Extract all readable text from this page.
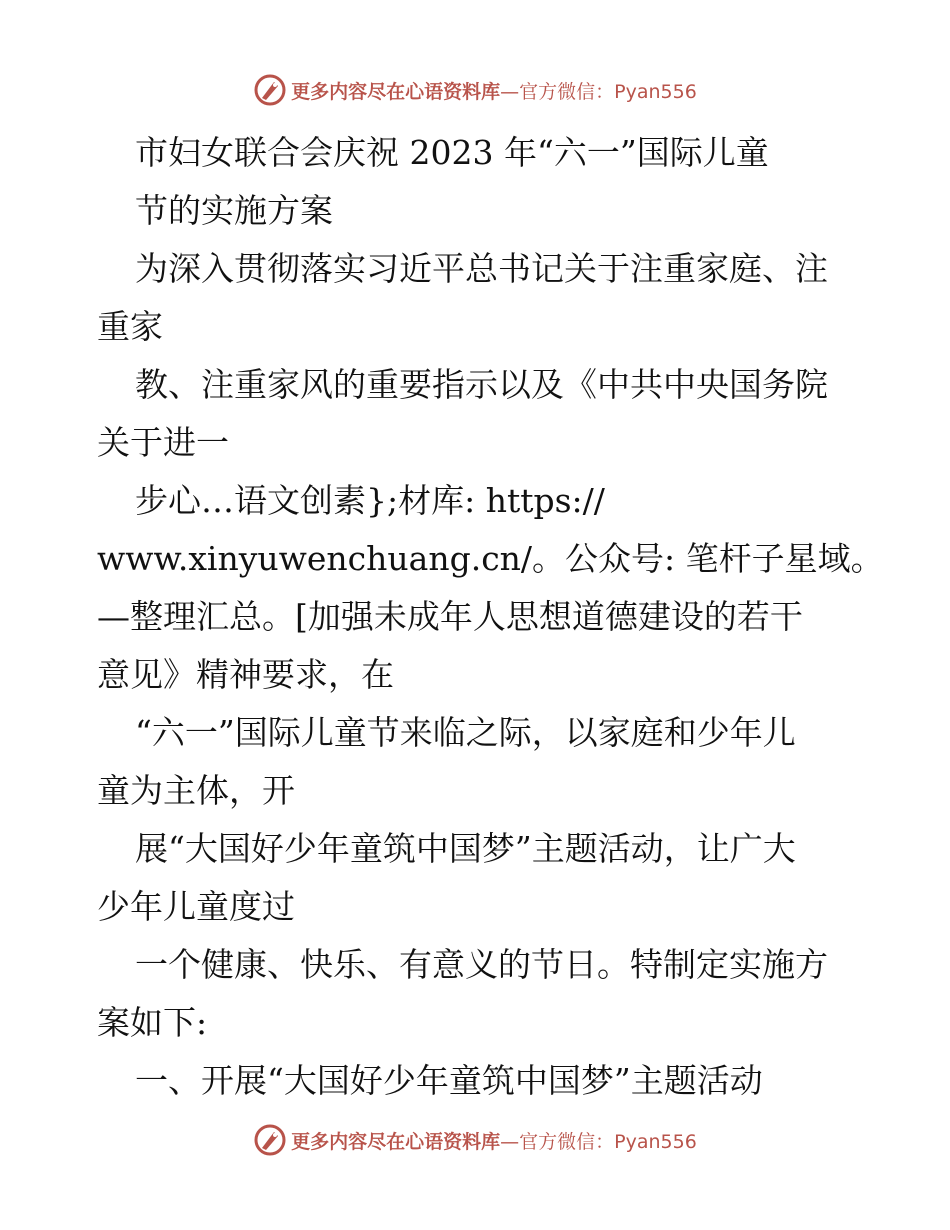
更多内容尽在心语资料库—官方微信：Pyan556
市妇女联合会庆祝 2023 年“六一”国际儿童
节的实施方案
为深入贯彻落实习近平总书记关于注重家庭、注
重家
教、注重家风的重要指示以及《中共中央国务院
关于进一
步心…语文创素};材库: https://
www.xinyuwenchuang.cn/。公众号: 笔杆子星域。
—整理汇总。[加强未成年人思想道德建设的若干
意见》精神要求，在
“六一”国际儿童节来临之际，以家庭和少年儿
童为主体，开
展“大国好少年童筑中国梦”主题活动，让广大
少年儿童度过
一个健康、快乐、有意义的节日。特制定实施方
案如下:
一、开展“大国好少年童筑中国梦”主题活动
更多内容尽在心语资料库—官方微信：Pyan556
